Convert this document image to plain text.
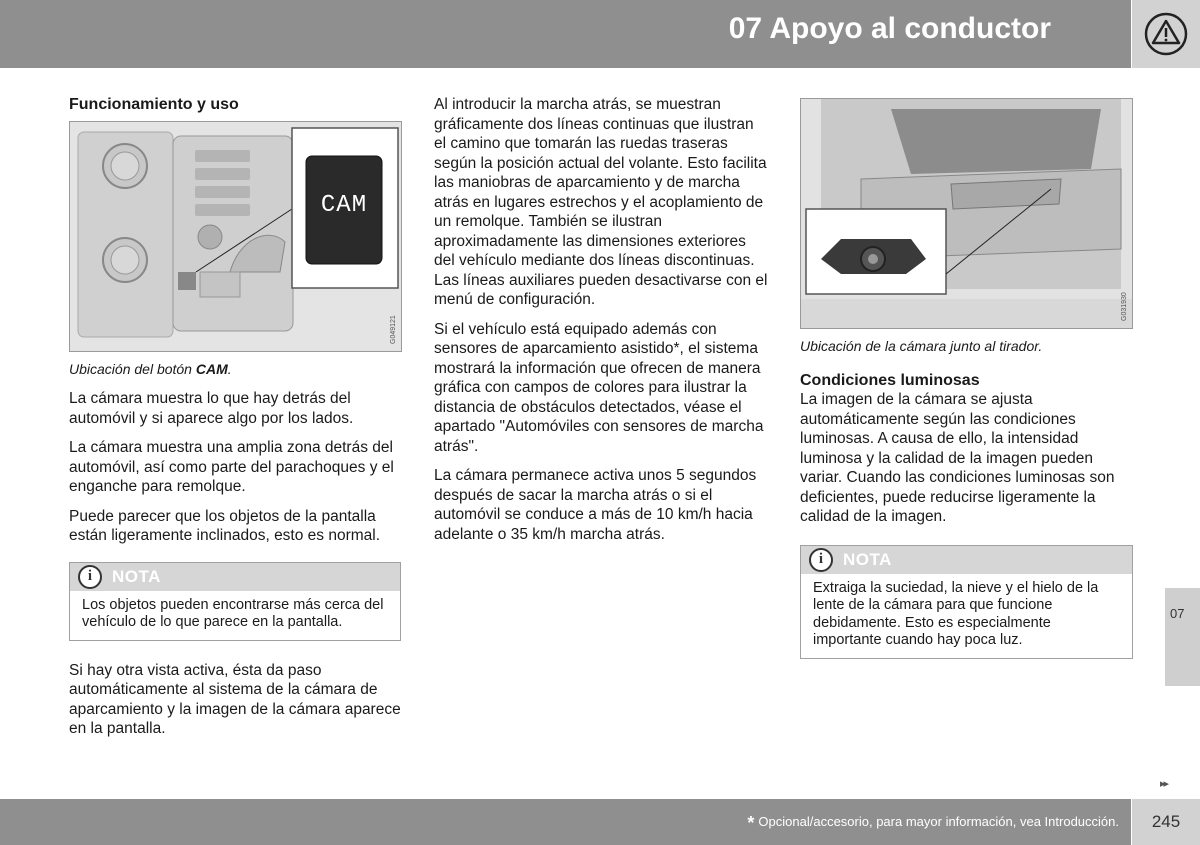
07 Apoyo al conductor
Funcionamiento y uso
CAM
G049121
Ubicación del botón CAM.

La cámara muestra lo que hay detrás del automóvil y si aparece algo por los lados.

La cámara muestra una amplia zona detrás del automóvil, así como parte del parachoques y el enganche para remolque.

Puede parecer que los objetos de la pantalla están ligeramente inclinados, esto es normal.

i	NOTA
Los objetos pueden encontrarse más cerca del vehículo de lo que parece en la pantalla.

Si hay otra vista activa, ésta da paso automáticamente al sistema de la cámara de aparcamiento y la imagen de la cámara aparece en la pantalla.

Al introducir la marcha atrás, se muestran gráficamente dos líneas continuas que ilustran el camino que tomarán las ruedas traseras según la posición actual del volante. Esto facilita las maniobras de aparcamiento y de marcha atrás en lugares estrechos y el acoplamiento de un remolque. También se ilustran aproximadamente las dimensiones exteriores del vehículo mediante dos líneas discontinuas. Las líneas auxiliares pueden desactivarse con el menú de configuración.

Si el vehículo está equipado además con sensores de aparcamiento asistido*, el sistema mostrará la información que ofrecen de manera gráfica con campos de colores para ilustrar la distancia de obstáculos detectados, véase el apartado "Automóviles con sensores de marcha atrás".

La cámara permanece activa unos 5 segundos después de sacar la marcha atrás o si el automóvil se conduce a más de 10 km/h hacia adelante o 35 km/h marcha atrás.

G031930
Ubicación de la cámara junto al tirador.
Condiciones luminosas

La imagen de la cámara se ajusta automáticamente según las condiciones luminosas. A causa de ello, la intensidad luminosa y la calidad de la imagen pueden variar. Cuando las condiciones luminosas son deficientes, puede reducirse ligeramente la calidad de la imagen.

i	NOTA
Extraiga la suciedad, la nieve y el hielo de la lente de la cámara para que funcione debidamente. Esto es especialmente importante cuando hay poca luz.
07
▸▸
* Opcional/accesorio, para mayor información, vea Introducción.	245
